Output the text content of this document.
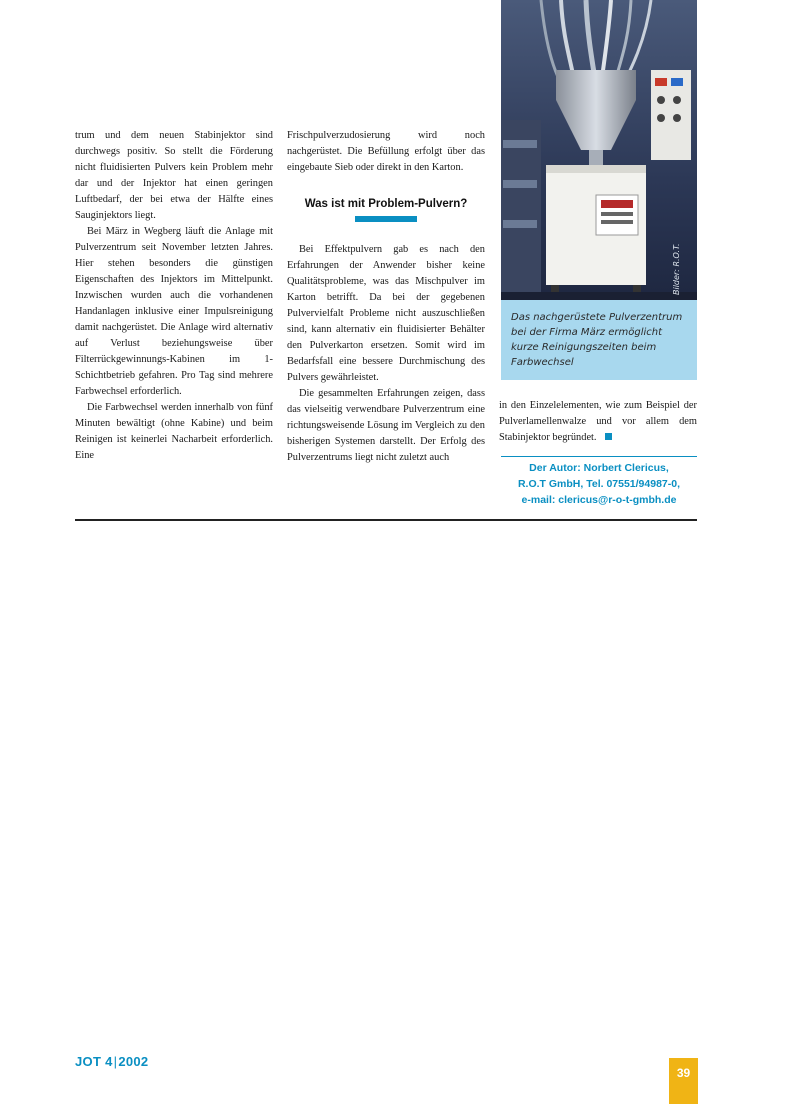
trum und dem neuen Stabinjektor sind durchwegs positiv. So stellt die Förderung nicht fluidisierten Pulvers kein Problem mehr dar und der Injektor hat einen geringen Luftbedarf, der bei etwa der Hälfte eines Sauginjektors liegt.

Bei März in Wegberg läuft die Anlage mit Pulverzentrum seit November letzten Jahres. Hier stehen besonders die günstigen Eigenschaften des Injektors im Mittelpunkt. Inzwischen wurden auch die vorhandenen Handanlagen inklusive einer Impulsreinigung damit nachgerüstet. Die Anlage wird alternativ auf Verlust beziehungsweise über Filterrückgewinnungs-Kabinen im 1-Schichtbetrieb gefahren. Pro Tag sind mehrere Farbwechsel erforderlich.

Die Farbwechsel werden innerhalb von fünf Minuten bewältigt (ohne Kabine) und beim Reinigen ist keinerlei Nacharbeit erforderlich. Eine

Frischpulverzudosierung wird noch nachgerüstet. Die Befüllung erfolgt über das eingebaute Sieb oder direkt in den Karton.

Was ist mit Problem-Pulvern?

Bei Effektpulvern gab es nach den Erfahrungen der Anwender bisher keine Qualitätsprobleme, was das Mischpulver im Karton betrifft. Da bei der gegebenen Pulvervielfalt Probleme nicht auszuschließen sind, kann alternativ ein fluidisierter Behälter den Pulverkarton ersetzen. Somit wird im Bedarfsfall eine bessere Durchmischung des Pulvers gewährleistet.

Die gesammelten Erfahrungen zeigen, dass das vielseitig verwendbare Pulverzentrum eine richtungsweisende Lösung im Vergleich zu den bisherigen Systemen darstellt. Der Erfolg des Pulverzentrums liegt nicht zuletzt auch

Bilder: R.O.T.
Das nachgerüstete Pulverzentrum bei der Firma März ermöglicht kurze Reinigungszeiten beim Farbwechsel

in den Einzelelementen, wie zum Beispiel der Pulverlamellenwalze und vor allem dem Stabinjektor begründet.

Der Autor: Norbert Clericus,
R.O.T GmbH, Tel. 07551/94987-0,
e-mail: clericus@r-o-t-gmbh.de
JOT 4|2002
39
